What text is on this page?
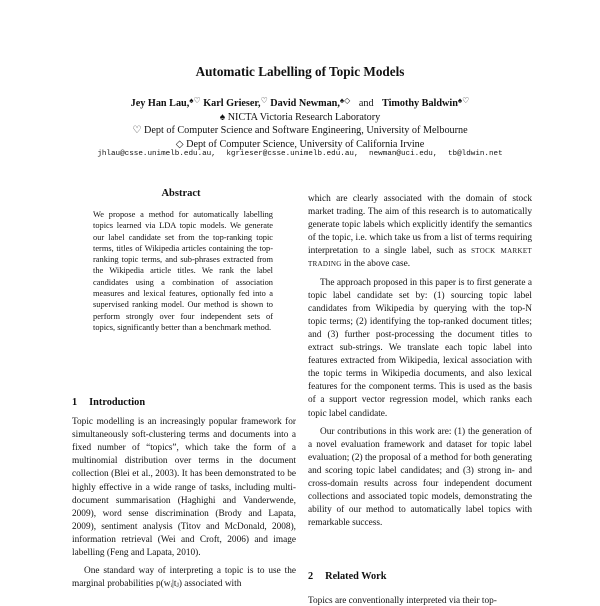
Automatic Labelling of Topic Models
Jey Han Lau,♠♡ Karl Grieser,♡ David Newman,♠◇ and Timothy Baldwin♠♡
♠ NICTA Victoria Research Laboratory
♡ Dept of Computer Science and Software Engineering, University of Melbourne
◇ Dept of Computer Science, University of California Irvine
jhlau@csse.unimelb.edu.au, kgrieser@csse.unimelb.edu.au, newman@uci.edu, tb@ldwin.net
Abstract
We propose a method for automatically labelling topics learned via LDA topic models. We generate our label candidate set from the top-ranking topic terms, titles of Wikipedia articles containing the top-ranking topic terms, and sub-phrases extracted from the Wikipedia article titles. We rank the label candidates using a combination of association measures and lexical features, optionally fed into a supervised ranking model. Our method is shown to perform strongly over four independent sets of topics, significantly better than a benchmark method.
1 Introduction

Topic modelling is an increasingly popular framework for simultaneously soft-clustering terms and documents into a fixed number of “topics”, which take the form of a multinomial distribution over terms in the document collection (Blei et al., 2003). It has been demonstrated to be highly effective in a wide range of tasks, including multi-document summarisation (Haghighi and Vanderwende, 2009), word sense discrimination (Brody and Lapata, 2009), sentiment analysis (Titov and McDonald, 2008), information retrieval (Wei and Croft, 2006) and image labelling (Feng and Lapata, 2010).

One standard way of interpreting a topic is to use the marginal probabilities p(wᵢ|tⱼ) associated with

which are clearly associated with the domain of stock market trading. The aim of this research is to automatically generate topic labels which explicitly identify the semantics of the topic, i.e. which take us from a list of terms requiring interpretation to a single label, such as stock market trading in the above case.

The approach proposed in this paper is to first generate a topic label candidate set by: (1) sourcing topic label candidates from Wikipedia by querying with the top-N topic terms; (2) identifying the top-ranked document titles; and (3) further post-processing the document titles to extract sub-strings. We translate each topic label into features extracted from Wikipedia, lexical association with the topic terms in Wikipedia documents, and also lexical features for the component terms. This is used as the basis of a support vector regression model, which ranks each topic label candidate.

Our contributions in this work are: (1) the generation of a novel evaluation framework and dataset for topic label evaluation; (2) the proposal of a method for both generating and scoring topic label candidates; and (3) strong in- and cross-domain results across four independent document collections and associated topic models, demonstrating the ability of our method to automatically label topics with remarkable success.

2 Related Work
Topics are conventionally interpreted via their top-
